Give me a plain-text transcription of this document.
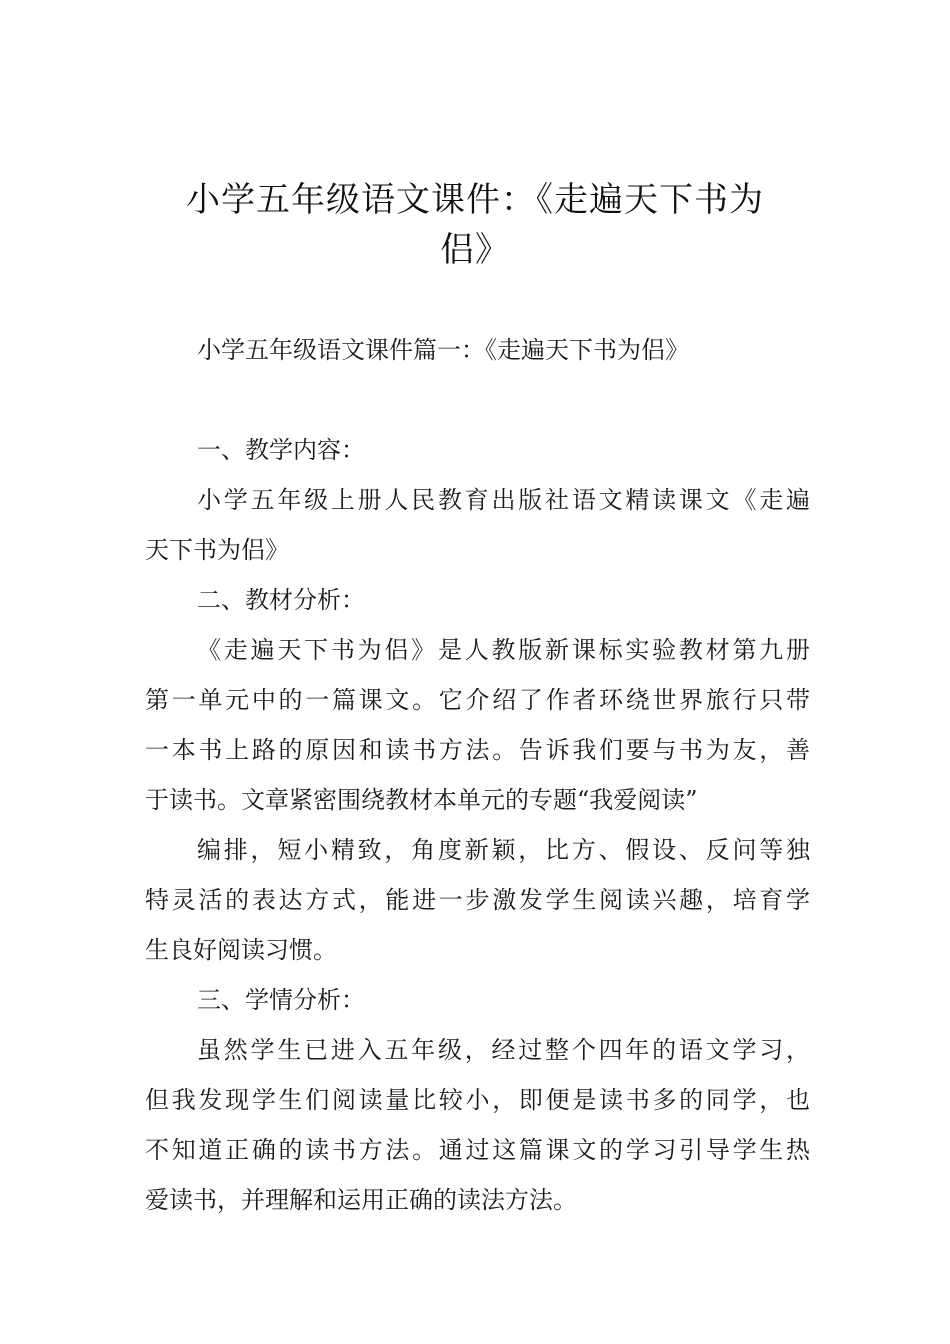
小学五年级语文课件：《走遍天下书为
侣》
小学五年级语文课件篇一：《走遍天下书为侣》
一、教学内容：
小学五年级上册人民教育出版社语文精读课文《走遍
天下书为侣》
二、教材分析：
《走遍天下书为侣》是人教版新课标实验教材第九册
第一单元中的一篇课文。它介绍了作者环绕世界旅行只带
一本书上路的原因和读书方法。告诉我们要与书为友，善
于读书。文章紧密围绕教材本单元的专题“我爱阅读”
编排，短小精致，角度新颖，比方、假设、反问等独
特灵活的表达方式，能进一步激发学生阅读兴趣，培育学
生良好阅读习惯。
三、学情分析：
虽然学生已进入五年级，经过整个四年的语文学习，
但我发现学生们阅读量比较小，即便是读书多的同学，也
不知道正确的读书方法。通过这篇课文的学习引导学生热
爱读书，并理解和运用正确的读法方法。
